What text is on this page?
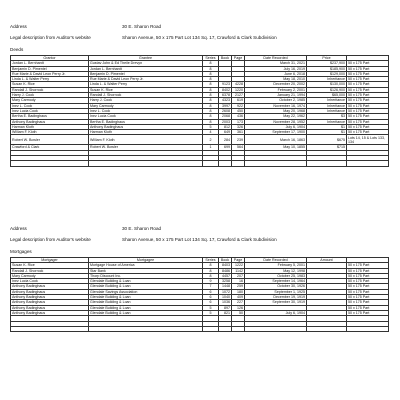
Address	30 E. Sharon Road
Legal description from Auditor's website	Sharon Avenue, 50 x 175 Part Lot 134 Sq. 17, Crawford & Clark Subdivision
Deeds
Grantor	Grantee	Series	Book	Page	Date Recorded	Price	
Jordan L. Bernhardt	Gustav John & Ed Theile Drevyn	8			March 31, 2021	$237,900	50 x 175 Part
Benjamin D. Pimentel	Jordan L. Bernhardt	8			July 16, 2019	$185,900	50 x 175 Part
Rue Marie & David Leon Perry Jr.	Benjamin D. Pimentel	8			June 6, 2018	$129,000	50 x 175 Part
Linda L. & Walter Perry	Rue Marie & David Leon Perry Jr.	8			May 18, 2010	Inheritance	50 x 175 Part
Susan K. Rice	Linda L. & Walter Perry	8	9123	4228	December 20, 2002	$130,000	50 x 175 Part
Randall J. Shorrock	Susan K. Rice	8	8402	1220	February 2, 2001	$126,900	50 x 175 Part
Harry J. Cook	Randall J. Shorrock	8	6378	2127	January 21, 1994	$65,000	50 x 175 Part
Mary Carmody	Harry J. Cook	8	4323	619	October 2, 1985	Inheritance	50 x 175 Part
Inez L. Cook	Mary Carmody	8	3997	922	November 16, 1974	Inheritance	50 x 175 Part
Inez Lucia Cook	Inez L. Cook	8	2608	450	May 20, 1968	Inheritance	50 x 175 Part
Bertha E. Badinghaus	Inez Lucia Cook	8	2068	436	May 22, 1962	$3	50 x 175 Part
Anthony Badinghaus	Bertha E. Badinghaus	8	2003	173	November 28, 1952	Inheritance	50 x 175 Part
Harman Kloth	Anthony Badinghaus	5	812	326	July 6, 1904	$1	50 x 175 Part
William F. Kloth	Harman Kloth	4	649	361	September 17, 1900	$1	50 x 175 Part
Robert W. Bowler	William F. Kloth	2	284	239	March 16, 1863	$675	Lots 14, 15 & Lots 133, 134
Crawford & Clark	Robert W. Bowler	1	699	564	May 10, 1855	$715	

Address	30 E. Sharon Road
Legal description from Auditor's website	Sharon Avenue, 50 x 175 Part Lot 134 Sq. 17, Crawford & Clark Subdivision
Mortgages
Mortgager	Mortgagee	Series	Book	Page	Date Recorded	Amount	
Susan K. Rice	Mortgage House of America	8	8403	1222	February 5, 2001		50 x 175 Part
Randall J. Shorrock	Star Bank	8	8486	1142	May 12, 1998		50 x 175 Part
Mary Carmody	Thorp Discount Inc.	8	4457	207	October 25, 1983		50 x 175 Part
Inez Lucia Cook	Glendale Building & Loan	9	3258	16	September 14, 1964		50 x 175 Part
Anthony Badinghaus	Glendale Building & Loan	7	1448	259	October 30, 1926		50 x 175 Part
Anthony Badinghaus	Glendale Savings Association	6	1072	180	September 1, 1925		50 x 175 Part
Anthony Badinghaus	Glendale Building & Loan	6	1040	409	December 19, 1919		50 x 175 Part
Anthony Badinghaus	Glendale Building & Loan	6	1036	227	September 30, 1919		50 x 175 Part
Anthony Badinghaus	Glendale Building & Loan	5	897	126			50 x 175 Part
Anthony Badinghaus	Glendale Building & Loan	5	821	50	July 6, 1904		50 x 175 Part
